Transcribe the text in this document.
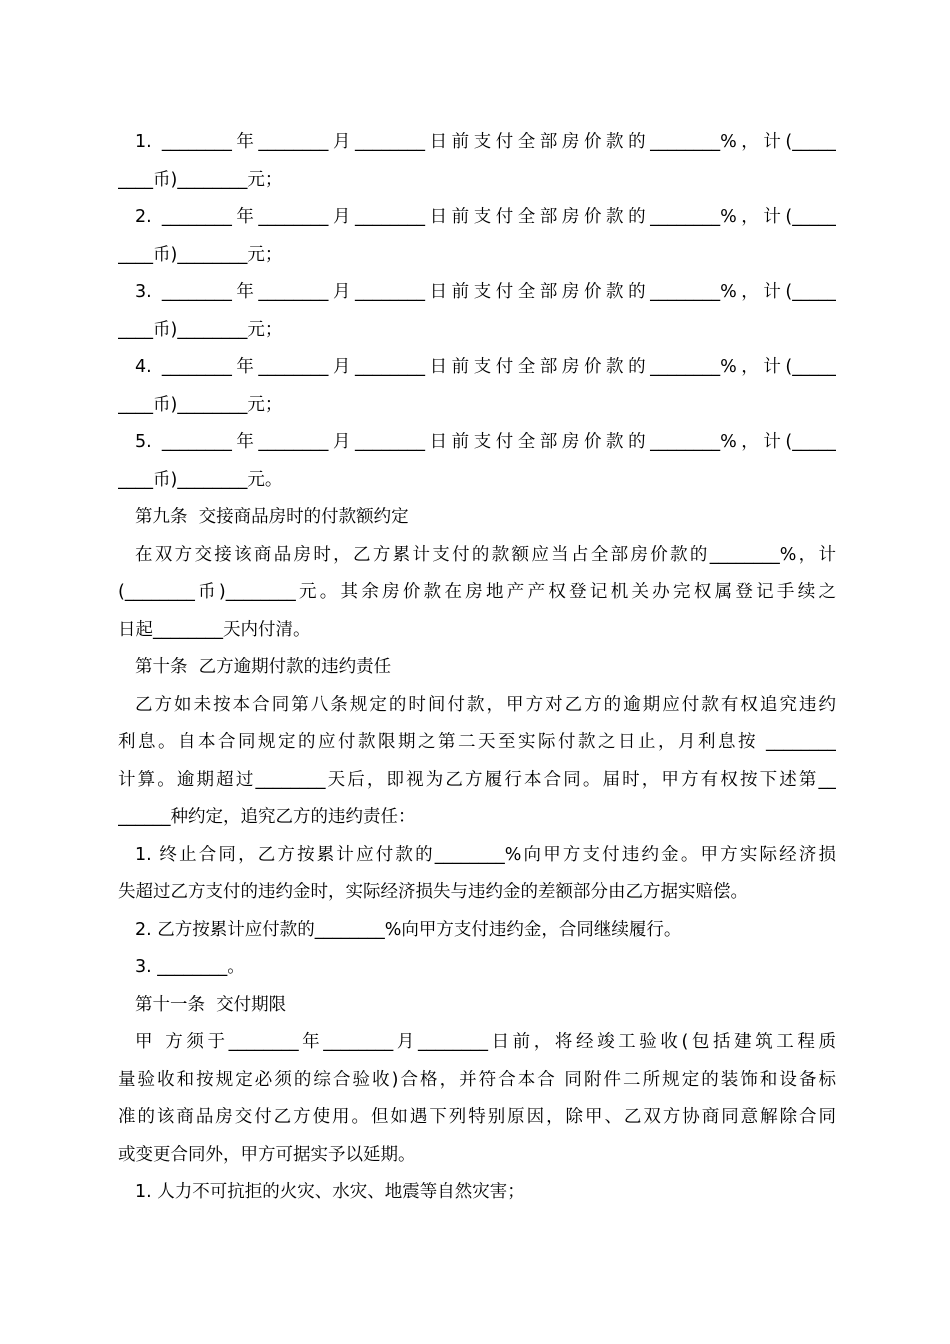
1. ________年________月________日前支付全部房价款的________%，计(_____
____币)________元；
2. ________年________月________日前支付全部房价款的________%，计(_____
____币)________元；
3. ________年________月________日前支付全部房价款的________%，计(_____
____币)________元；
4. ________年________月________日前支付全部房价款的________%，计(_____
____币)________元；
5. ________年________月________日前支付全部房价款的________%，计(_____
____币)________元。
第九条  交接商品房时的付款额约定
在双方交接该商品房时，乙方累计支付的款额应当占全部房价款的________%，计
(________币)________元。其余房价款在房地产产权登记机关办完权属登记手续之
日起________天内付清。
第十条  乙方逾期付款的违约责任
乙方如未按本合同第八条规定的时间付款，甲方对乙方的逾期应付款有权追究违约
利息。自本合同规定的应付款限期之第二天至实际付款之日止，月利息按 ________
计算。逾期超过________天后，即视为乙方履行本合同。届时，甲方有权按下述第__
______种约定，追究乙方的违约责任：
1. 终止合同，乙方按累计应付款的________%向甲方支付违约金。甲方实际经济损
失超过乙方支付的违约金时，实际经济损失与违约金的差额部分由乙方据实赔偿。
2. 乙方按累计应付款的________%向甲方支付违约金，合同继续履行。
3. ________。
第十一条  交付期限
甲 方须于________年________月________日前，将经竣工验收(包括建筑工程质
量验收和按规定必须的综合验收)合格，并符合本合 同附件二所规定的装饰和设备标
准的该商品房交付乙方使用。但如遇下列特别原因，除甲、乙双方协商同意解除合同
或变更合同外，甲方可据实予以延期。
1. 人力不可抗拒的火灾、水灾、地震等自然灾害；
